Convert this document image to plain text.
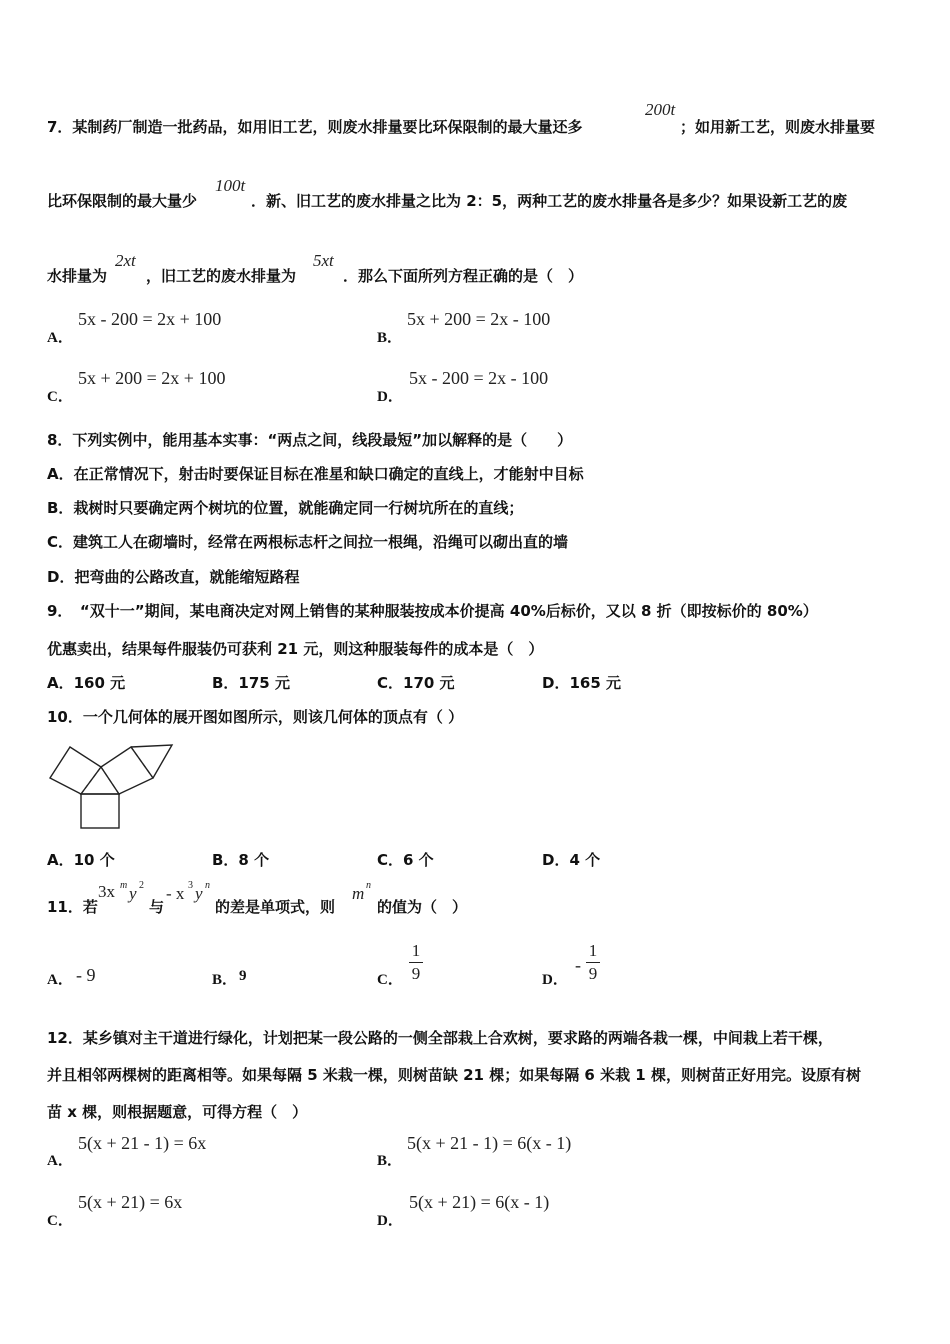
7．某制药厂制造一批药品，如用旧工艺，则废水排量要比环保限制的最大量还多
200t
；如用新工艺，则废水排量要
比环保限制的最大量少
100t
．新、旧工艺的废水排量之比为 2：5，两种工艺的废水排量各是多少？如果设新工艺的废
水排量为
2xt
，旧工艺的废水排量为
5xt
．那么下面所列方程正确的是（　）
A．
5x - 200 = 2x + 100
B．
5x + 200 = 2x - 100
C．
5x + 200 = 2x + 100
D．
5x - 200 = 2x - 100
8．下列实例中，能用基本实事：“两点之间，线段最短”加以解释的是（　　）
A．在正常情况下，射击时要保证目标在准星和缺口确定的直线上，才能射中目标
B．栽树时只要确定两个树坑的位置，就能确定同一行树坑所在的直线；
C．建筑工人在砌墙时，经常在两根标志杆之间拉一根绳，沿绳可以砌出直的墙
D．把弯曲的公路改直，就能缩短路程
9．　“双十一”期间，某电商决定对网上销售的某种服装按成本价提高 40%后标价，又以 8 折（即按标价的 80%）
优惠卖出，结果每件服装仍可获利 21 元，则这种服装每件的成本是（　）
A．160 元	B．175 元	C．170 元	D．165 元
10．一个几何体的展开图如图所示，则该几何体的顶点有（ ）
A．10 个	B．8 个	C．6 个	D．4 个
11．若
3x m y 2
与
- x 3 y n
的差是单项式，则
m n
的值为（　）
A． - 9	B． 9	C．
1
9	D．
-
1
9
12．某乡镇对主干道进行绿化，计划把某一段公路的一侧全部栽上合欢树，要求路的两端各栽一棵，中间栽上若干棵，
并且相邻两棵树的距离相等。如果每隔 5 米栽一棵，则树苗缺 21 棵；如果每隔 6 米栽 1 棵，则树苗正好用完。设原有树
苗 x 棵，则根据题意，可得方程（　）
A．
5(x + 21 - 1) = 6x
B．
5(x + 21 - 1) = 6(x - 1)
C．
5(x + 21) = 6x
D．
5(x + 21) = 6(x - 1)
